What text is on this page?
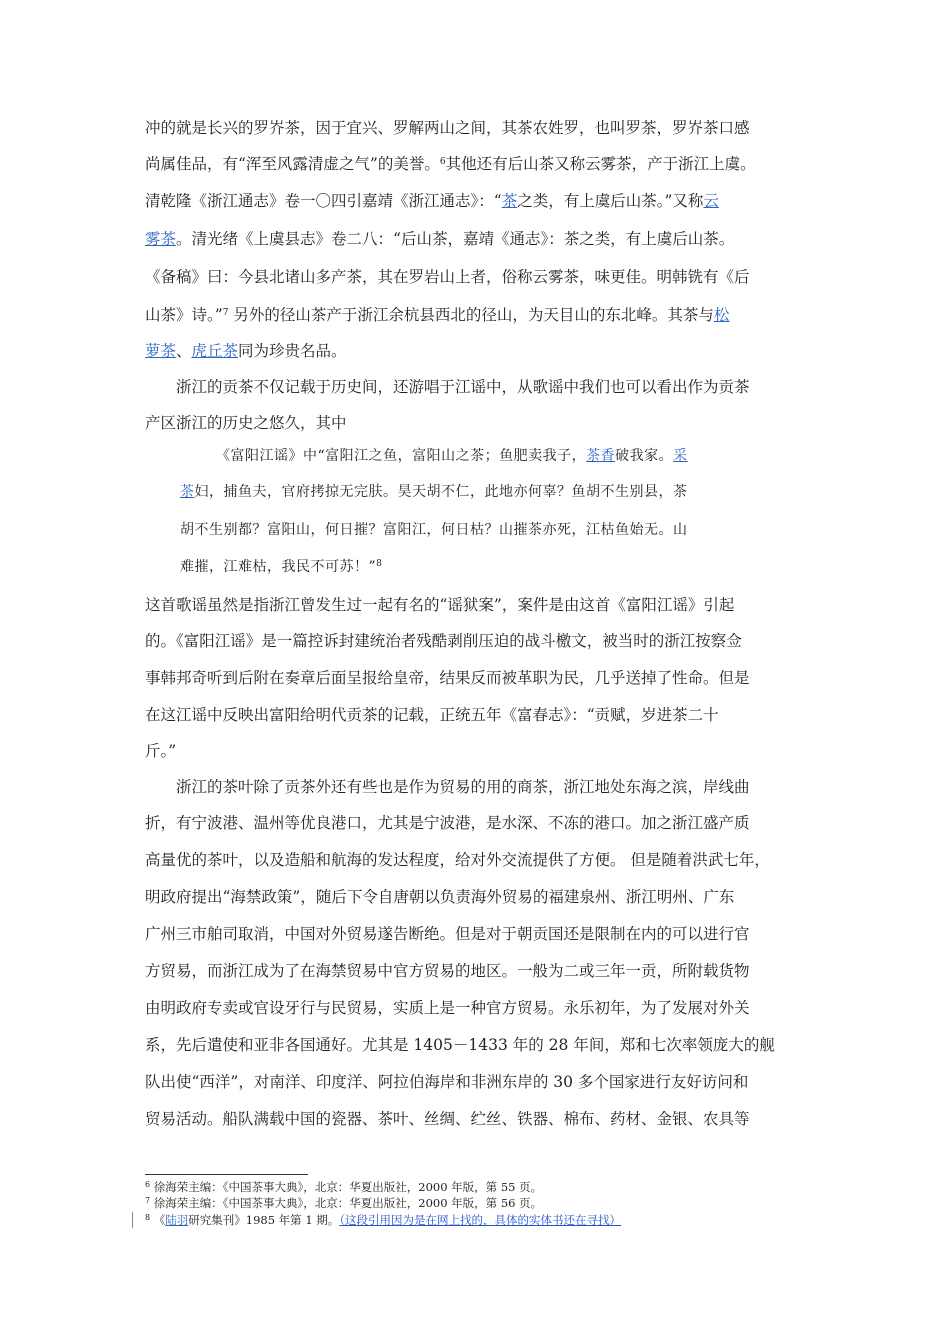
冲的就是长兴的罗岕茶，因于宜兴、罗解两山之间，其茶农姓罗，也叫罗茶，罗岕茶口感
尚属佳品，有“浑至风露清虚之气”的美誉。$^6$其他还有后山茶又称云雾茶，产于浙江上虞。
清乾隆《浙江通志》卷一〇四引嘉靖《浙江通志》：“茶之类，有上虞后山茶。”又称云
雾茶。清光绪《上虞县志》卷二八：“后山茶，嘉靖《通志》：茶之类，有上虞后山茶。
《备稿》曰：今县北诸山多产茶，其在罗岩山上者，俗称云雾茶，味更佳。明韩铣有《后
山茶》诗。”$^7$ 另外的径山茶产于浙江余杭县西北的径山，为天目山的东北峰。其茶与松
萝茶、虎丘茶同为珍贵名品。
浙江的贡茶不仅记载于历史间，还游唱于江谣中，从歌谣中我们也可以看出作为贡茶
产区浙江的历史之悠久，其中
《富阳江谣》中“富阳江之鱼，富阳山之茶；鱼肥卖我子，茶香破我家。采
茶妇，捕鱼夫，官府拷掠无完肤。昊天胡不仁，此地亦何辜？鱼胡不生别县，茶
胡不生别都？富阳山，何日摧？富阳江，何日枯？山摧茶亦死，江枯鱼始无。山
难摧，江难枯，我民不可苏！”$^8$
这首歌谣虽然是指浙江曾发生过一起有名的“谣狱案”，案件是由这首《富阳江谣》引起
的。《富阳江谣》是一篇控诉封建统治者残酷剥削压迫的战斗檄文，被当时的浙江按察佥
事韩邦奇听到后附在奏章后面呈报给皇帝，结果反而被革职为民，几乎送掉了性命。但是
在这江谣中反映出富阳给明代贡茶的记载，正统五年《富春志》：“贡赋，岁进茶二十
斤。”
浙江的茶叶除了贡茶外还有些也是作为贸易的用的商茶，浙江地处东海之滨，岸线曲
折，有宁波港、温州等优良港口，尤其是宁波港，是水深、不冻的港口。加之浙江盛产质
高量优的茶叶，以及造船和航海的发达程度，给对外交流提供了方便。 但是随着洪武七年，
明政府提出“海禁政策”，随后下令自唐朝以负责海外贸易的福建泉州、浙江明州、广东
广州三市舶司取消，中国对外贸易遂告断绝。但是对于朝贡国还是限制在内的可以进行官
方贸易，而浙江成为了在海禁贸易中官方贸易的地区。一般为二或三年一贡，所附载货物
由明政府专卖或官设牙行与民贸易，实质上是一种官方贸易。永乐初年，为了发展对外关
系，先后遣使和亚非各国通好。尤其是 1405－1433 年的 28 年间，郑和七次率领庞大的舰
队出使“西洋”，对南洋、印度洋、阿拉伯海岸和非洲东岸的 30 多个国家进行友好访问和
贸易活动。船队满载中国的瓷器、茶叶、丝绸、纻丝、铁器、棉布、药材、金银、农具等
$^6$ 徐海荣主编：《中国茶事大典》，北京：华夏出版社，2000 年版，第 55 页。
$^7$ 徐海荣主编：《中国茶事大典》，北京：华夏出版社，2000 年版，第 56 页。
$^8$ 《陆羽研究集刊》1985 年第 1 期。（这段引用因为是在网上找的，具体的实体书还在寻找）
